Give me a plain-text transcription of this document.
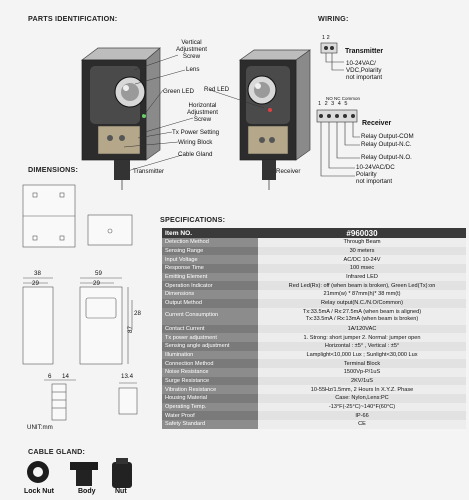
PARTS IDENTIFICATION:
Vertical
Adjustment
Screw
Lens
Red LED
Green LED
Horizontal
Adjustment
Screw
Tx Power Setting
Wiring Block
Cable Gland
Transmitter	Receiver
WIRING:
1 2
Transmitter
10-24VAC/
VDC,Polarity
not important
NO NC Common
1 2 3 4 5
Receiver
Relay Output-COM
Relay Output-N.C.
Relay Output-N.O.
10-24VAC/DC
Polarity
not important
DIMENSIONS:
38
29
59
29
28
87
6 14	13.4
UNIT:mm
CABLE GLAND:
Lock Nut	Body	Nut
SPECIFICATIONS:
Item NO.	#960030
Detection Method	Through Beam
Sensing Range	30 meters
Input Voltage	AC/DC 10-24V
Response Time	100 msec
Emitting Element	Infrared LED
Operation Indicator	Red Led(Rx): off (when beam is broken), Green Led(Tx):on
Dimensions	21mm(w) * 87mm(h)* 38 mm(t)
Output Method	Relay output(N.C./N.O/Common)
Current Consumption	Tx:33.5mA / Rx:27.5mA (when beam is aligned)
Tx:33.5mA / Rx:13mA (when beam is broken)

Contact Current	1A/120VAC
Tx power adjustment	1. Strong: short jumper 2. Normal: jumper open
Sensing angle adjustment	Horizontal : ±5° , Vertical : ±5°
Illumination	Lamplight<10,000 Lux ; Sunlight<30,000 Lux
Connection Method	Terminal Block
Noise Resistance	1500Vp-P/1uS
Surge Resistance	2KV/1uS
Vibration Resistance	10-55Hz/1.5mm, 2 Hours In X.Y.Z. Phase
Housing Material	Case: Nylon,Lens:PC
Operating Temp.	-13°F(-25°C)~140°F(60°C)
Water Proof	IP-66
Safety Standard	CE
